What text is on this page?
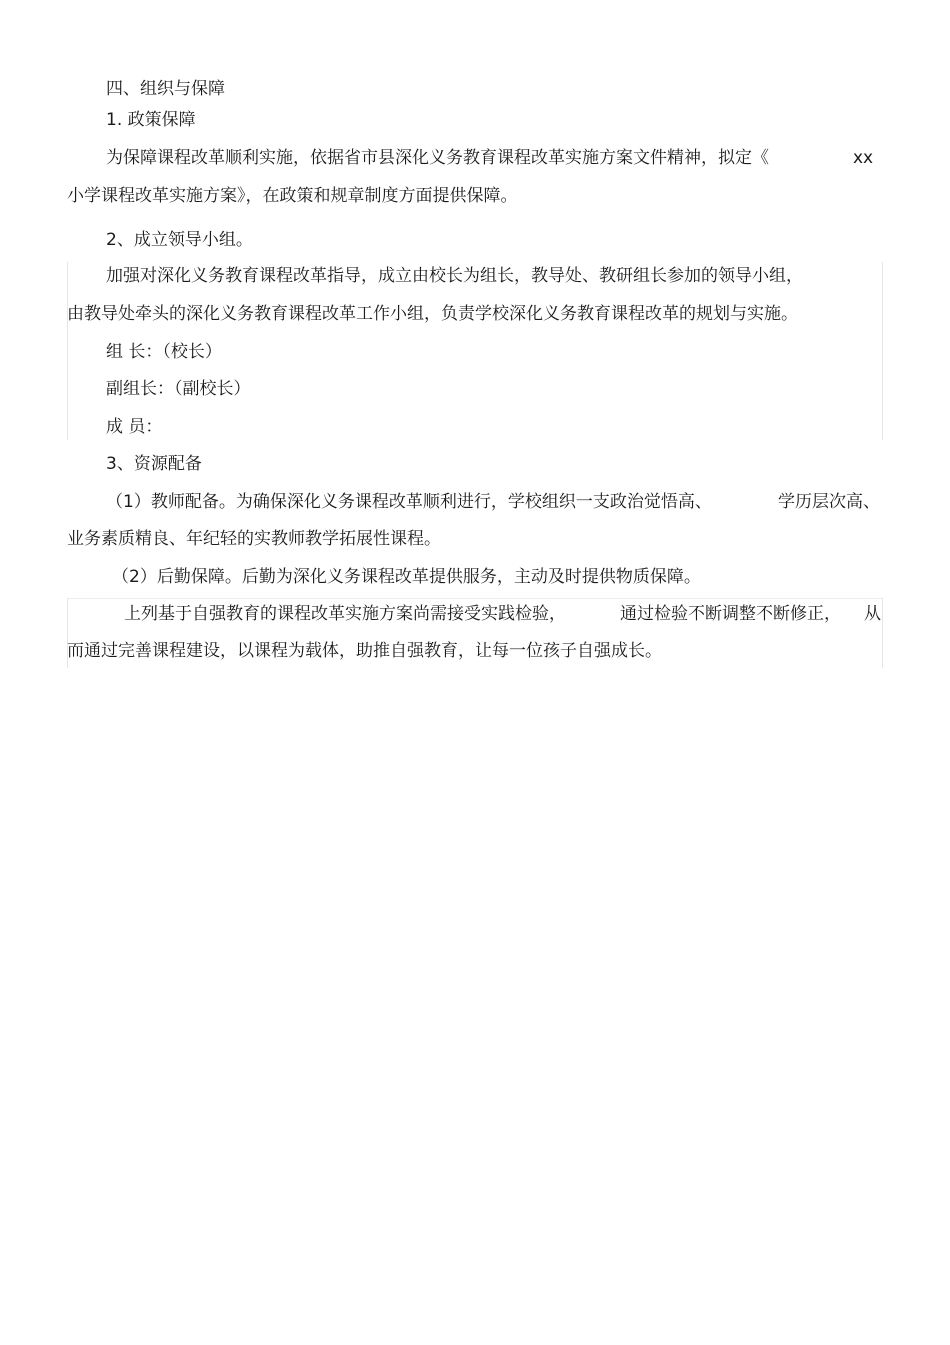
四、组织与保障
1. 政策保障
为保障课程改革顺利实施，依据省市县深化义务教育课程改革实施方案文件精神，拟定《	xx
小学课程改革实施方案》，在政策和规章制度方面提供保障。
2、成立领导小组。
加强对深化义务教育课程改革指导，成立由校长为组长，教导处、教研组长参加的领导小组，
由教导处牵头的深化义务教育课程改革工作小组，负责学校深化义务教育课程改革的规划与实施。
组 长：（校长）
副组长：（副校长）
成 员：
3、资源配备
（1）教师配备。为确保深化义务课程改革顺利进行，学校组织一支政治觉悟高、	学历层次高、
业务素质精良、年纪轻的实教师教学拓展性课程。
（2）后勤保障。后勤为深化义务课程改革提供服务，主动及时提供物质保障。
上列基于自强教育的课程改革实施方案尚需接受实践检验，	通过检验不断调整不断修正， 从
而通过完善课程建设，以课程为载体，助推自强教育，让每一位孩子自强成长。
